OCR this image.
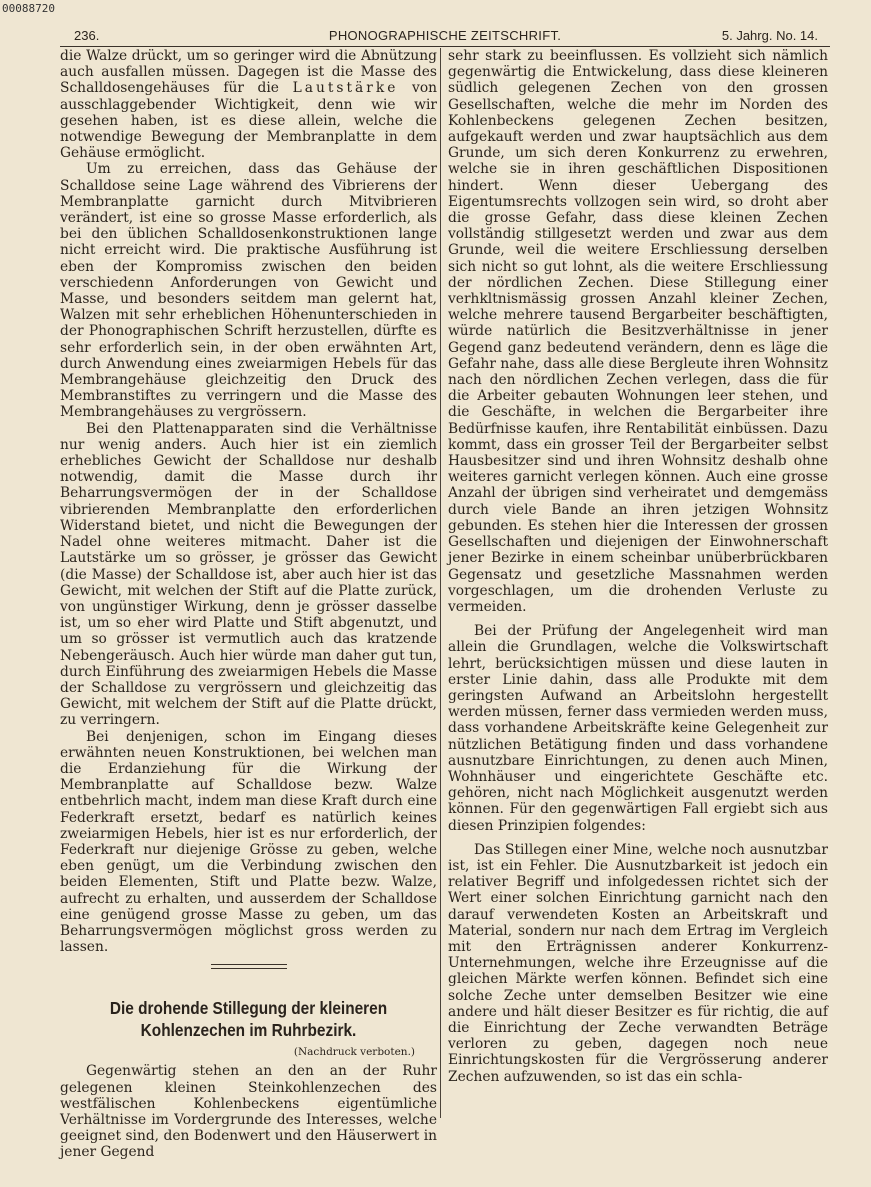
00088720
236.	PHONOGRAPHISCHE ZEITSCHRIFT.	5. Jahrg. No. 14.

die Walze drückt, um so geringer wird die Abnützung auch ausfallen müssen. Dagegen ist die Masse des Schalldosengehäuses für die Lautstärke von ausschlaggebender Wichtigkeit, denn wie wir gesehen haben, ist es diese allein, welche die notwendige Bewegung der Membranplatte in dem Gehäuse ermöglicht.

Um zu erreichen, dass das Gehäuse der Schalldose seine Lage während des Vibrierens der Membranplatte garnicht durch Mitvibrieren verändert, ist eine so grosse Masse erforderlich, als bei den üblichen Schalldosenkonstruktionen lange nicht erreicht wird. Die praktische Ausführung ist eben der Kompromiss zwischen den beiden verschiedenn Anforderungen von Gewicht und Masse, und besonders seitdem man gelernt hat, Walzen mit sehr erheblichen Höhenunterschieden in der Phonographischen Schrift herzustellen, dürfte es sehr erforderlich sein, in der oben erwähnten Art, durch Anwendung eines zweiarmigen Hebels für das Membrangehäuse gleichzeitig den Druck des Membranstiftes zu verringern und die Masse des Membrangehäuses zu vergrössern.

Bei den Plattenapparaten sind die Verhältnisse nur wenig anders. Auch hier ist ein ziemlich erhebliches Gewicht der Schalldose nur deshalb notwendig, damit die Masse durch ihr Beharrungsvermögen der in der Schalldose vibrierenden Membranplatte den erforderlichen Widerstand bietet, und nicht die Bewegungen der Nadel ohne weiteres mitmacht. Daher ist die Lautstärke um so grösser, je grösser das Gewicht (die Masse) der Schalldose ist, aber auch hier ist das Gewicht, mit welchen der Stift auf die Platte zurück, von ungünstiger Wirkung, denn je grösser dasselbe ist, um so eher wird Platte und Stift abgenutzt, und um so grösser ist vermutlich auch das kratzende Nebengeräusch. Auch hier würde man daher gut tun, durch Einführung des zweiarmigen Hebels die Masse der Schalldose zu vergrössern und gleichzeitig das Gewicht, mit welchem der Stift auf die Platte drückt, zu verringern.

Bei denjenigen, schon im Eingang dieses erwähnten neuen Konstruktionen, bei welchen man die Erdanziehung für die Wirkung der Membranplatte auf Schalldose bezw. Walze entbehrlich macht, indem man diese Kraft durch eine Federkraft ersetzt, bedarf es natürlich keines zweiarmigen Hebels, hier ist es nur erforderlich, der Federkraft nur diejenige Grösse zu geben, welche eben genügt, um die Verbindung zwischen den beiden Elementen, Stift und Platte bezw. Walze, aufrecht zu erhalten, und ausserdem der Schalldose eine genügend grosse Masse zu geben, um das Beharrungsvermögen möglichst gross werden zu lassen.

Die drohende Stillegung der kleineren
Kohlenzechen im Ruhrbezirk.
(Nachdruck verboten.)

Gegenwärtig stehen an den an der Ruhr gelegenen kleinen Steinkohlenzechen des westfälischen Kohlenbeckens eigentümliche Verhältnisse im Vordergrunde des Interesses, welche geeignet sind, den Bodenwert und den Häuserwert in jener Gegend

sehr stark zu beeinflussen. Es vollzieht sich nämlich gegenwärtig die Entwickelung, dass diese kleineren südlich gelegenen Zechen von den grossen Gesellschaften, welche die mehr im Norden des Kohlenbeckens gelegenen Zechen besitzen, aufgekauft werden und zwar hauptsächlich aus dem Grunde, um sich deren Konkurrenz zu erwehren, welche sie in ihren geschäftlichen Dispositionen hindert. Wenn dieser Uebergang des Eigentumsrechts vollzogen sein wird, so droht aber die grosse Gefahr, dass diese kleinen Zechen vollständig stillgesetzt werden und zwar aus dem Grunde, weil die weitere Erschliessung derselben sich nicht so gut lohnt, als die weitere Erschliessung der nördlichen Zechen. Diese Stillegung einer verhkltnismässig grossen Anzahl kleiner Zechen, welche mehrere tausend Bergarbeiter beschäftigten, würde natürlich die Besitzverhältnisse in jener Gegend ganz bedeutend verändern, denn es läge die Gefahr nahe, dass alle diese Bergleute ihren Wohnsitz nach den nördlichen Zechen verlegen, dass die für die Arbeiter gebauten Wohnungen leer stehen, und die Geschäfte, in welchen die Bergarbeiter ihre Bedürfnisse kaufen, ihre Rentabilität einbüssen. Dazu kommt, dass ein grosser Teil der Bergarbeiter selbst Hausbesitzer sind und ihren Wohnsitz deshalb ohne weiteres garnicht verlegen können. Auch eine grosse Anzahl der übrigen sind verheiratet und demgemäss durch viele Bande an ihren jetzigen Wohnsitz gebunden. Es stehen hier die Interessen der grossen Gesellschaften und diejenigen der Einwohnerschaft jener Bezirke in einem scheinbar unüberbrückbaren Gegensatz und gesetzliche Massnahmen werden vorgeschlagen, um die drohenden Verluste zu vermeiden.

Bei der Prüfung der Angelegenheit wird man allein die Grundlagen, welche die Volkswirtschaft lehrt, berücksichtigen müssen und diese lauten in erster Linie dahin, dass alle Produkte mit dem geringsten Aufwand an Arbeitslohn hergestellt werden müssen, ferner dass vermieden werden muss, dass vorhandene Arbeitskräfte keine Gelegenheit zur nützlichen Betätigung finden und dass vorhandene ausnutzbare Einrichtungen, zu denen auch Minen, Wohnhäuser und eingerichtete Geschäfte etc. gehören, nicht nach Möglichkeit ausgenutzt werden können. Für den gegenwärtigen Fall ergiebt sich aus diesen Prinzipien folgendes:

Das Stillegen einer Mine, welche noch ausnutzbar ist, ist ein Fehler. Die Ausnutzbarkeit ist jedoch ein relativer Begriff und infolgedessen richtet sich der Wert einer solchen Einrichtung garnicht nach den darauf verwendeten Kosten an Arbeitskraft und Material, sondern nur nach dem Ertrag im Vergleich mit den Erträgnissen anderer Konkurrenz-Unternehmungen, welche ihre Erzeugnisse auf die gleichen Märkte werfen können. Befindet sich eine solche Zeche unter demselben Besitzer wie eine andere und hält dieser Besitzer es für richtig, die auf die Einrichtung der Zeche verwandten Beträge verloren zu geben, dagegen noch neue Einrichtungskosten für die Vergrösserung anderer Zechen aufzuwenden, so ist das ein schla-
